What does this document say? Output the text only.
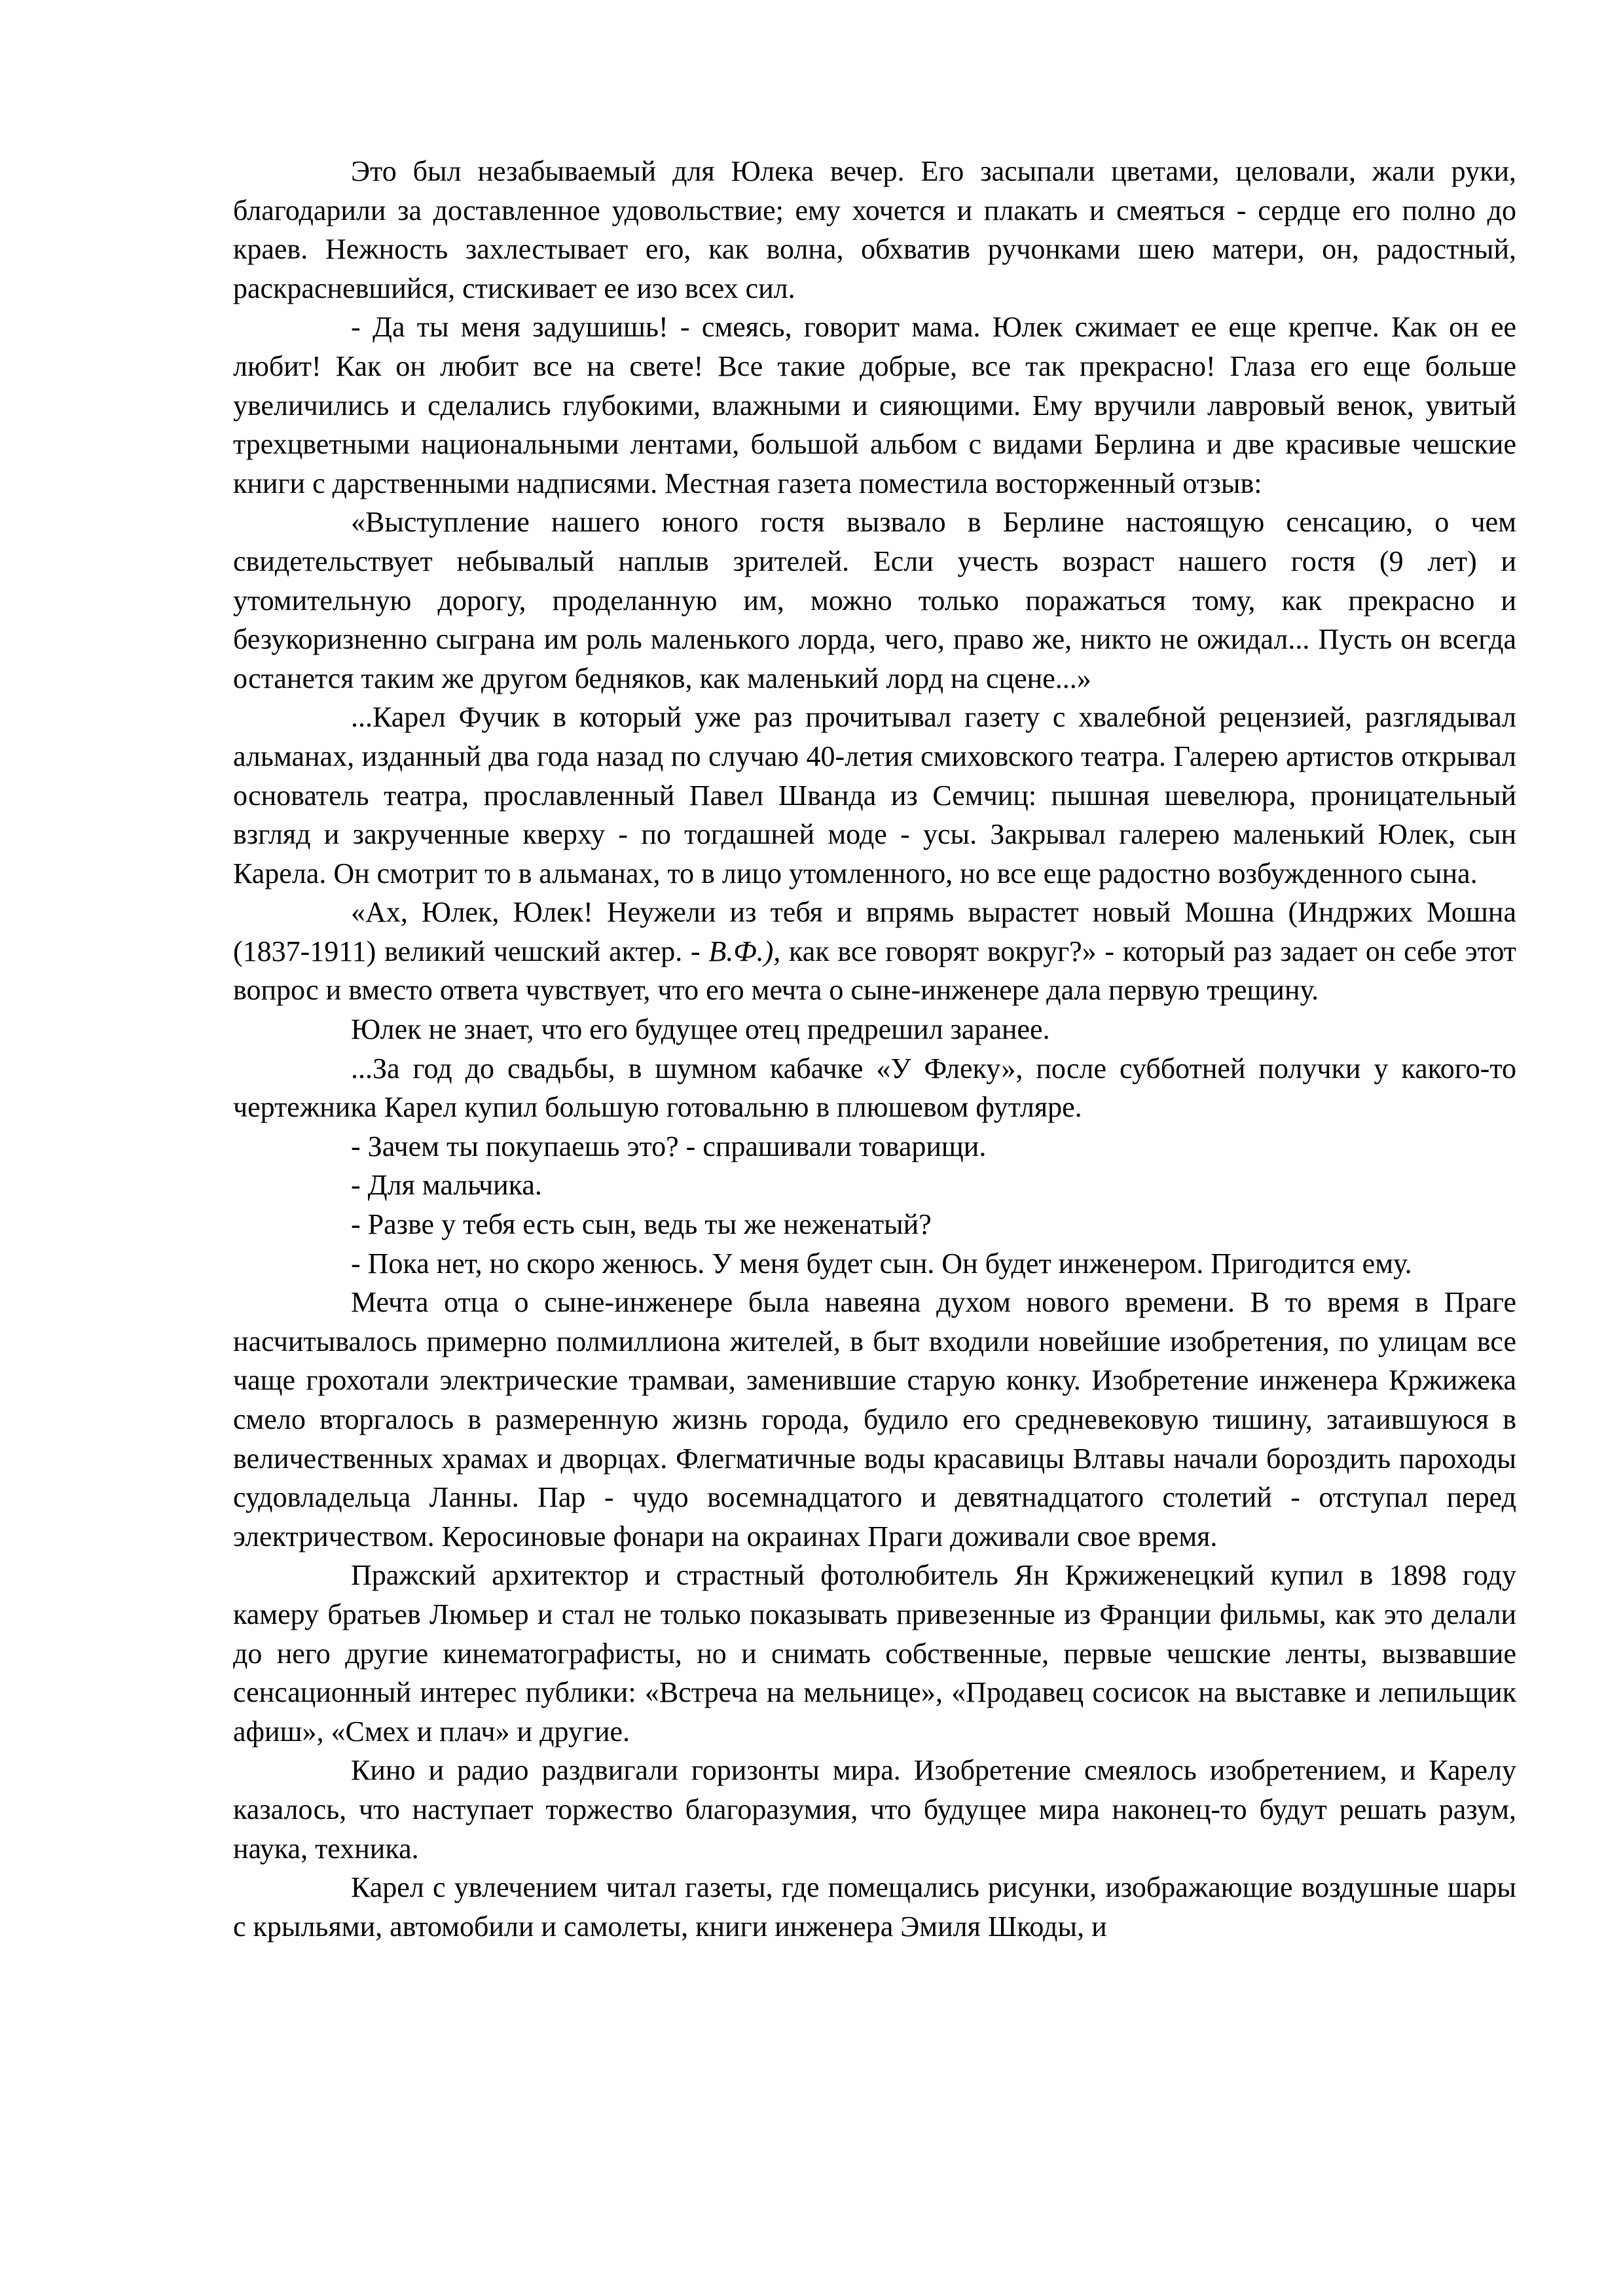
Это был незабываемый для Юлека вечер. Его засыпали цветами, целовали, жали руки, благодарили за доставленное удовольствие; ему хочется и плакать и смеяться - сердце его полно до краев. Нежность захлестывает его, как волна, обхватив ручонками шею матери, он, радостный, раскрасневшийся, стискивает ее изо всех сил.

- Да ты меня задушишь! - смеясь, говорит мама. Юлек сжимает ее еще крепче. Как он ее любит! Как он любит все на свете! Все такие добрые, все так прекрасно! Глаза его еще больше увеличились и сделались глубокими, влажными и сияющими. Ему вручили лавровый венок, увитый трехцветными национальными лентами, большой альбом с видами Берлина и две красивые чешские книги с дарственными надписями. Местная газета поместила восторженный отзыв:

«Выступление нашего юного гостя вызвало в Берлине настоящую сенсацию, о чем свидетельствует небывалый наплыв зрителей. Если учесть возраст нашего гостя (9 лет) и утомительную дорогу, проделанную им, можно только поражаться тому, как прекрасно и безукоризненно сыграна им роль маленького лорда, чего, право же, никто не ожидал... Пусть он всегда останется таким же другом бедняков, как маленький лорд на сцене...»

...Карел Фучик в который уже раз прочитывал газету с хвалебной рецензией, разглядывал альманах, изданный два года назад по случаю 40-летия смиховского театра. Галерею артистов открывал основатель театра, прославленный Павел Шванда из Семчиц: пышная шевелюра, проницательный взгляд и закрученные кверху - по тогдашней моде - усы. Закрывал галерею маленький Юлек, сын Карела. Он смотрит то в альманах, то в лицо утомленного, но все еще радостно возбужденного сына.

«Ах, Юлек, Юлек! Неужели из тебя и впрямь вырастет новый Мошна (Индржих Мошна (1837-1911) великий чешский актер. - В.Ф.), как все говорят вокруг?» - который раз задает он себе этот вопрос и вместо ответа чувствует, что его мечта о сыне-инженере дала первую трещину.

Юлек не знает, что его будущее отец предрешил заранее.

...За год до свадьбы, в шумном кабачке «У Флеку», после субботней получки у какого-то чертежника Карел купил большую готовальню в плюшевом футляре.

- Зачем ты покупаешь это? - спрашивали товарищи.

- Для мальчика.

- Разве у тебя есть сын, ведь ты же неженатый?

- Пока нет, но скоро женюсь. У меня будет сын. Он будет инженером. Пригодится ему.

Мечта отца о сыне-инженере была навеяна духом нового времени. В то время в Праге насчитывалось примерно полмиллиона жителей, в быт входили новейшие изобретения, по улицам все чаще грохотали электрические трамваи, заменившие старую конку. Изобретение инженера Кржижека смело вторгалось в размеренную жизнь города, будило его средневековую тишину, затаившуюся в величественных храмах и дворцах. Флегматичные воды красавицы Влтавы начали бороздить пароходы судовладельца Ланны. Пар - чудо восемнадцатого и девятнадцатого столетий - отступал перед электричеством. Керосиновые фонари на окраинах Праги доживали свое время.

Пражский архитектор и страстный фотолюбитель Ян Кржиженецкий купил в 1898 году камеру братьев Люмьер и стал не только показывать привезенные из Франции фильмы, как это делали до него другие кинематографисты, но и снимать собственные, первые чешские ленты, вызвавшие сенсационный интерес публики: «Встреча на мельнице», «Продавец сосисок на выставке и лепильщик афиш», «Смех и плач» и другие.

Кино и радио раздвигали горизонты мира. Изобретение смеялось изобретением, и Карелу казалось, что наступает торжество благоразумия, что будущее мира наконец-то будут решать разум, наука, техника.

Карел с увлечением читал газеты, где помещались рисунки, изображающие воздушные шары с крыльями, автомобили и самолеты, книги инженера Эмиля Шкоды, и
